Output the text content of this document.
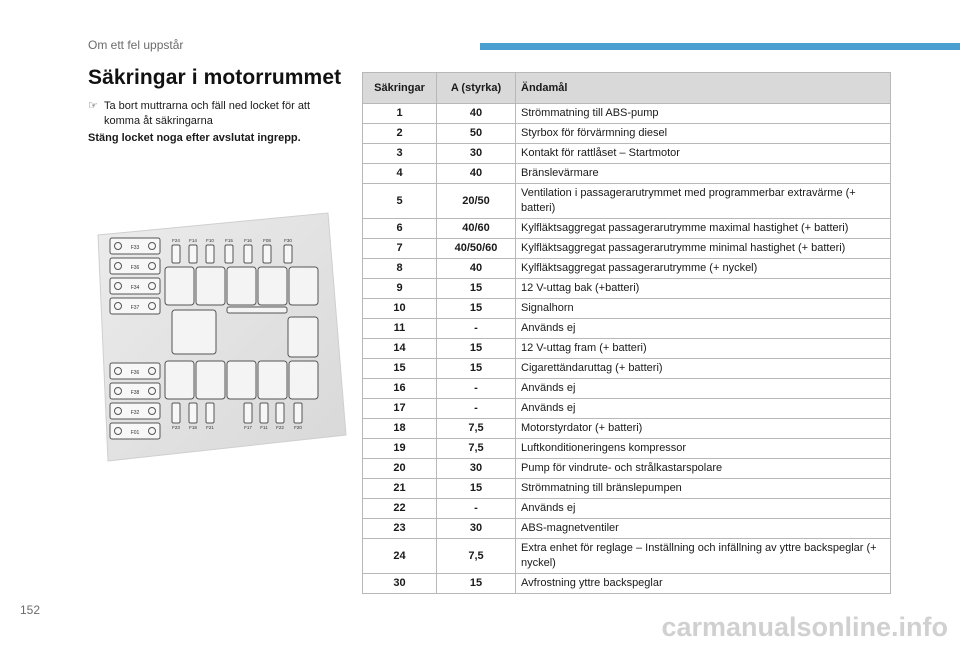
Om ett fel uppstår
Säkringar i motorrummet
☞ Ta bort muttrarna och fäll ned locket för att komma åt säkringarna
Stäng locket noga efter avslutat ingrepp.
F33
F36
F34
F37
F36
F38
F32
F01
F24 F14 F10 F15 F16 F08	F30
F23 F18 F21	F17 F11 F22 F20
Säkringar	A (styrka)	Ändamål
1	40	Strömmatning till ABS-pump
2	50	Styrbox för förvärmning diesel
3	30	Kontakt för rattlåset – Startmotor
4	40	Bränslevärmare
5	20/50	Ventilation i passagerarutrymmet med programmerbar extravärme (+ batteri)
6	40/60	Kylfläktsaggregat passagerarutrymme maximal hastighet (+ batteri)
7	40/50/60	Kylfläktsaggregat passagerarutrymme minimal hastighet (+ batteri)
8	40	Kylfläktsaggregat passagerarutrymme (+ nyckel)
9	15	12 V-uttag bak (+batteri)
10	15	Signalhorn
11	-	Används ej
14	15	12 V-uttag fram (+ batteri)
15	15	Cigarettändaruttag (+ batteri)
16	-	Används ej
17	-	Används ej
18	7,5	Motorstyrdator (+ batteri)
19	7,5	Luftkonditioneringens kompressor
20	30	Pump för vindrute- och strålkastarspolare
21	15	Strömmatning till bränslepumpen
22	-	Används ej
23	30	ABS-magnetventiler
24	7,5	Extra enhet för reglage – Inställning och infällning av yttre backspeglar (+ nyckel)
30	15	Avfrostning yttre backspeglar
152
carmanualsonline.info
